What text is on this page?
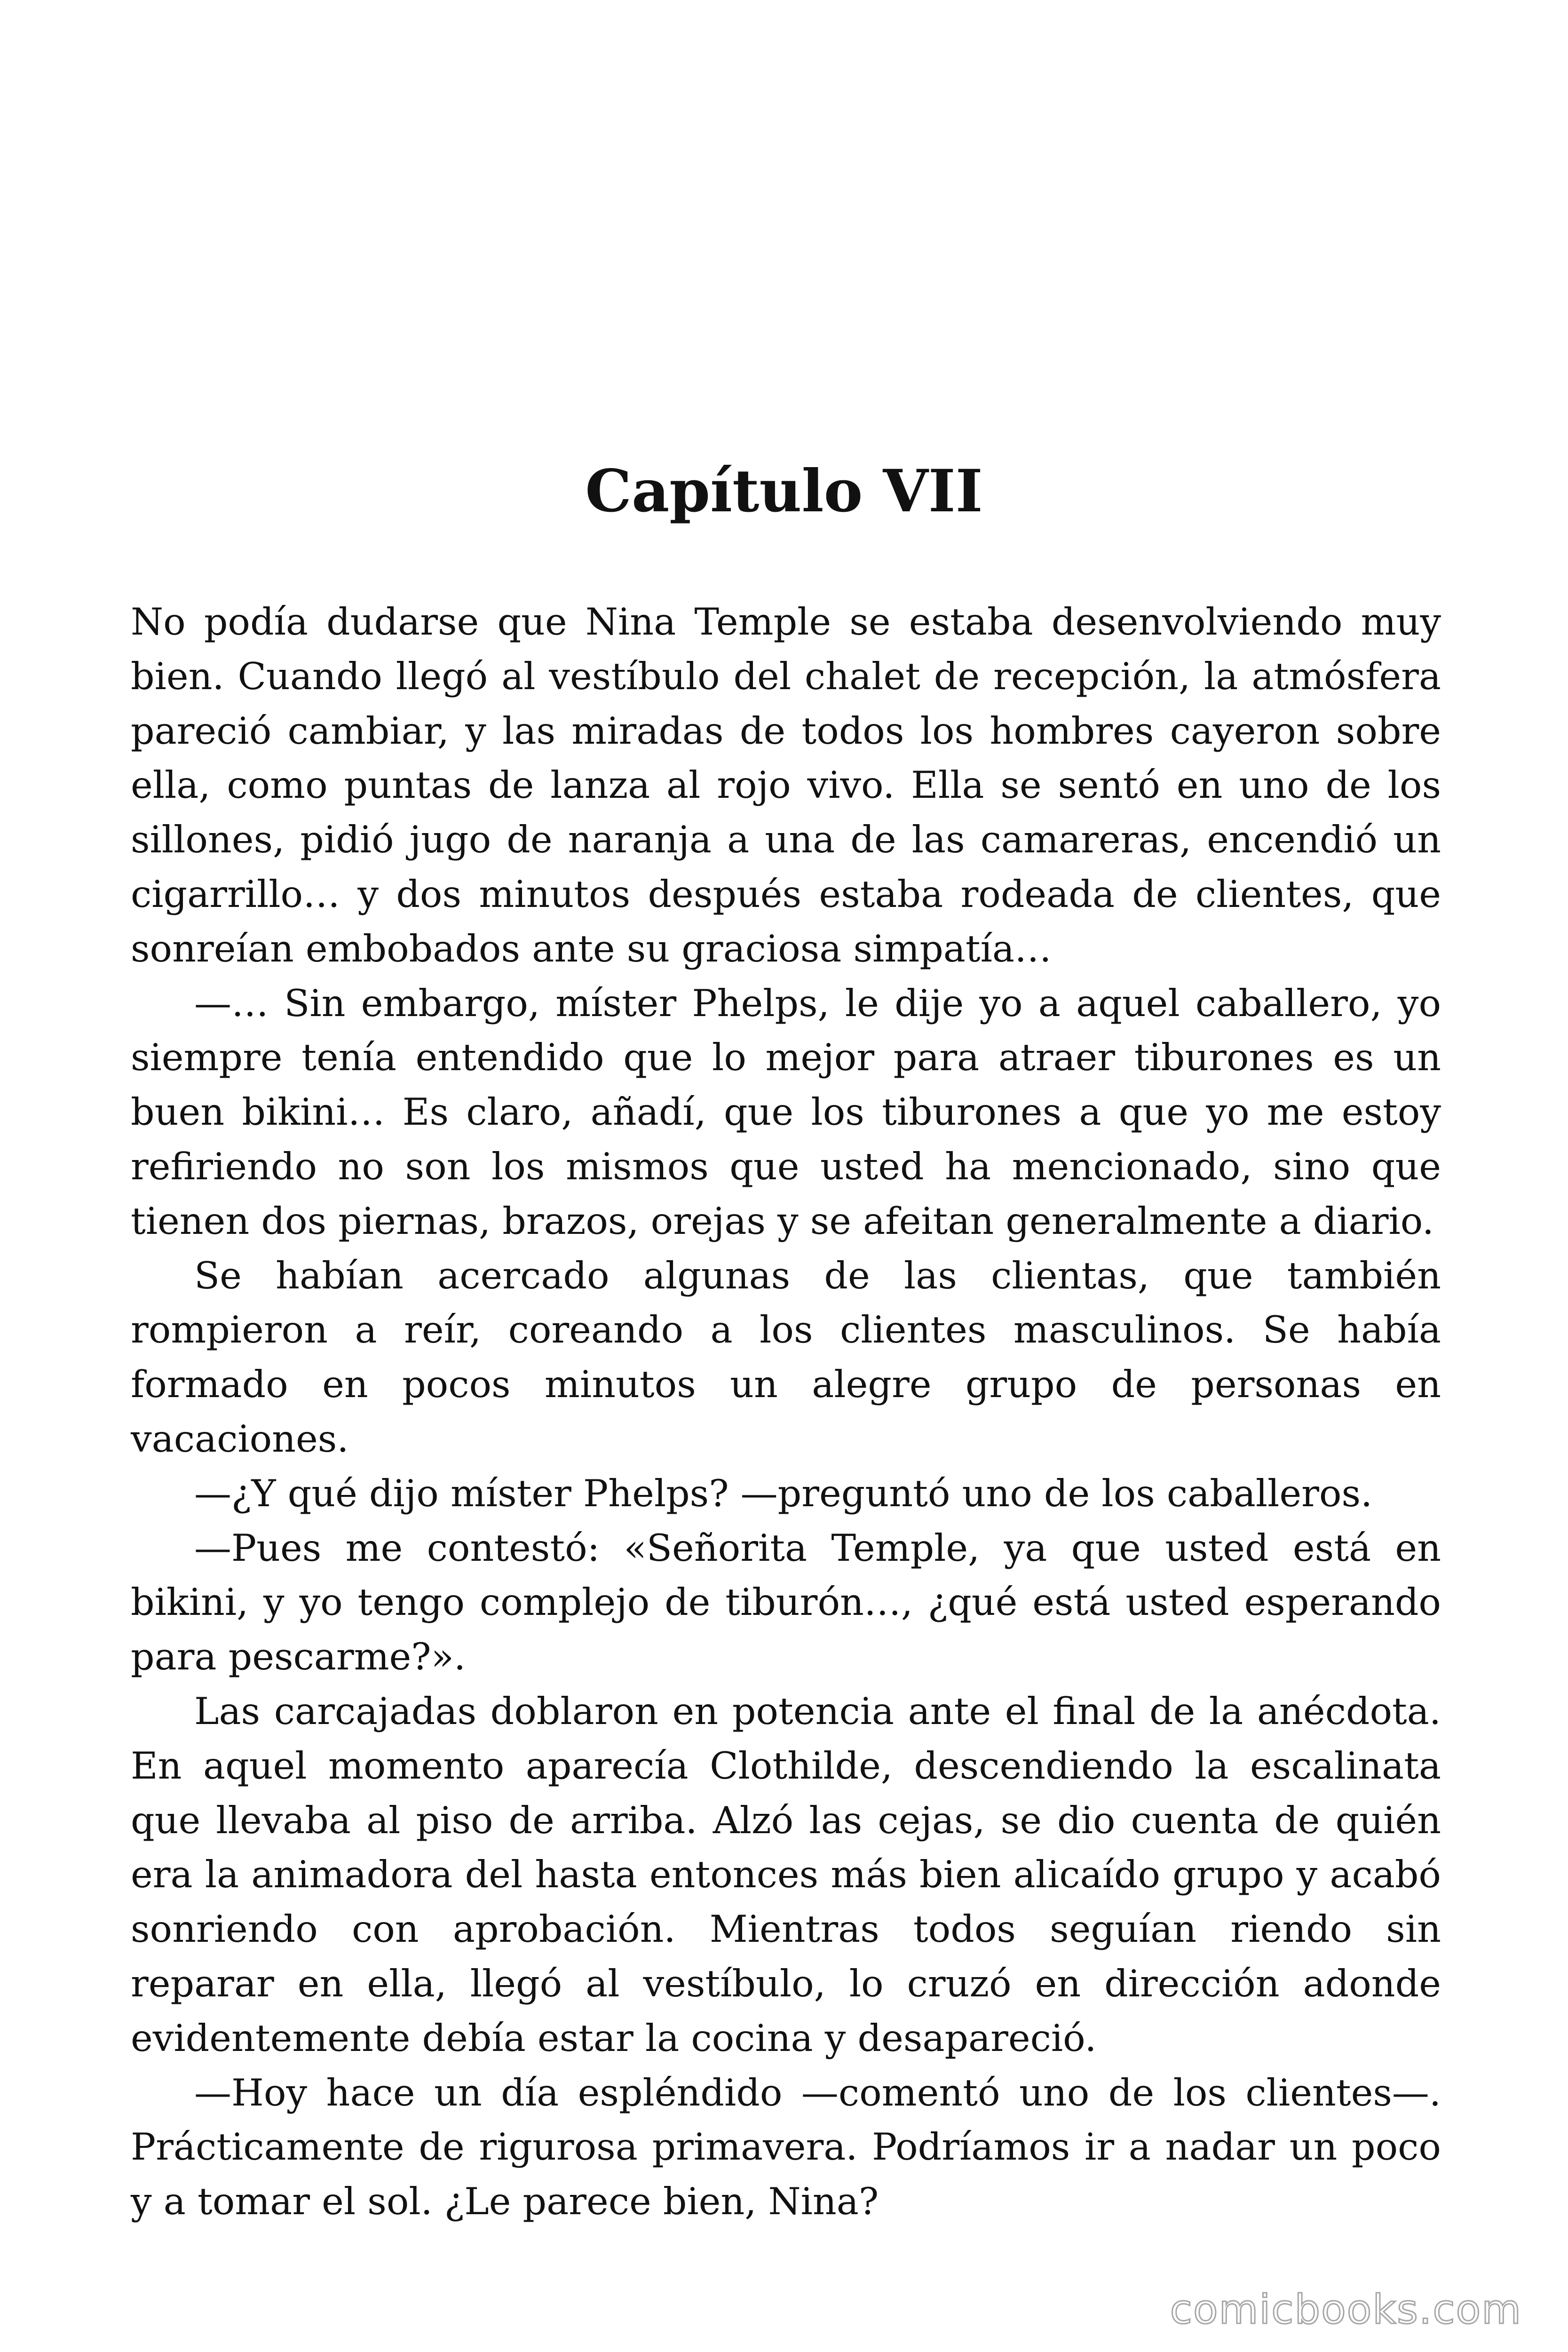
Capítulo VII

No podía dudarse que Nina Temple se estaba desenvolviendo muy bien. Cuando llegó al vestíbulo del chalet de recepción, la atmósfera pareció cambiar, y las miradas de todos los hombres cayeron sobre ella, como puntas de lanza al rojo vivo. Ella se sentó en uno de los sillones, pidió jugo de naranja a una de las camareras, encendió un cigarrillo… y dos minutos después estaba rodeada de clientes, que sonreían embobados ante su graciosa simpatía…

—… Sin embargo, míster Phelps, le dije yo a aquel caballero, yo siempre tenía entendido que lo mejor para atraer tiburones es un buen bikini… Es claro, añadí, que los tiburones a que yo me estoy refiriendo no son los mismos que usted ha mencionado, sino que tienen dos piernas, brazos, orejas y se afeitan generalmente a diario.

Se habían acercado algunas de las clientas, que también rompieron a reír, coreando a los clientes masculinos. Se había formado en pocos minutos un alegre grupo de personas en vacaciones.

—¿Y qué dijo míster Phelps? —preguntó uno de los caballeros.

—Pues me contestó: «Señorita Temple, ya que usted está en bikini, y yo tengo complejo de tiburón…, ¿qué está usted esperando para pescarme?».

Las carcajadas doblaron en potencia ante el final de la anécdota. En aquel momento aparecía Clothilde, descendiendo la escalinata que llevaba al piso de arriba. Alzó las cejas, se dio cuenta de quién era la animadora del hasta entonces más bien alicaído grupo y acabó sonriendo con aprobación. Mientras todos seguían riendo sin reparar en ella, llegó al vestíbulo, lo cruzó en dirección adonde evidentemente debía estar la cocina y desapareció.

—Hoy hace un día espléndido —comentó uno de los clientes—. Prácticamente de rigurosa primavera. Podríamos ir a nadar un poco y a tomar el sol. ¿Le parece bien, Nina?

comicbooks.com
